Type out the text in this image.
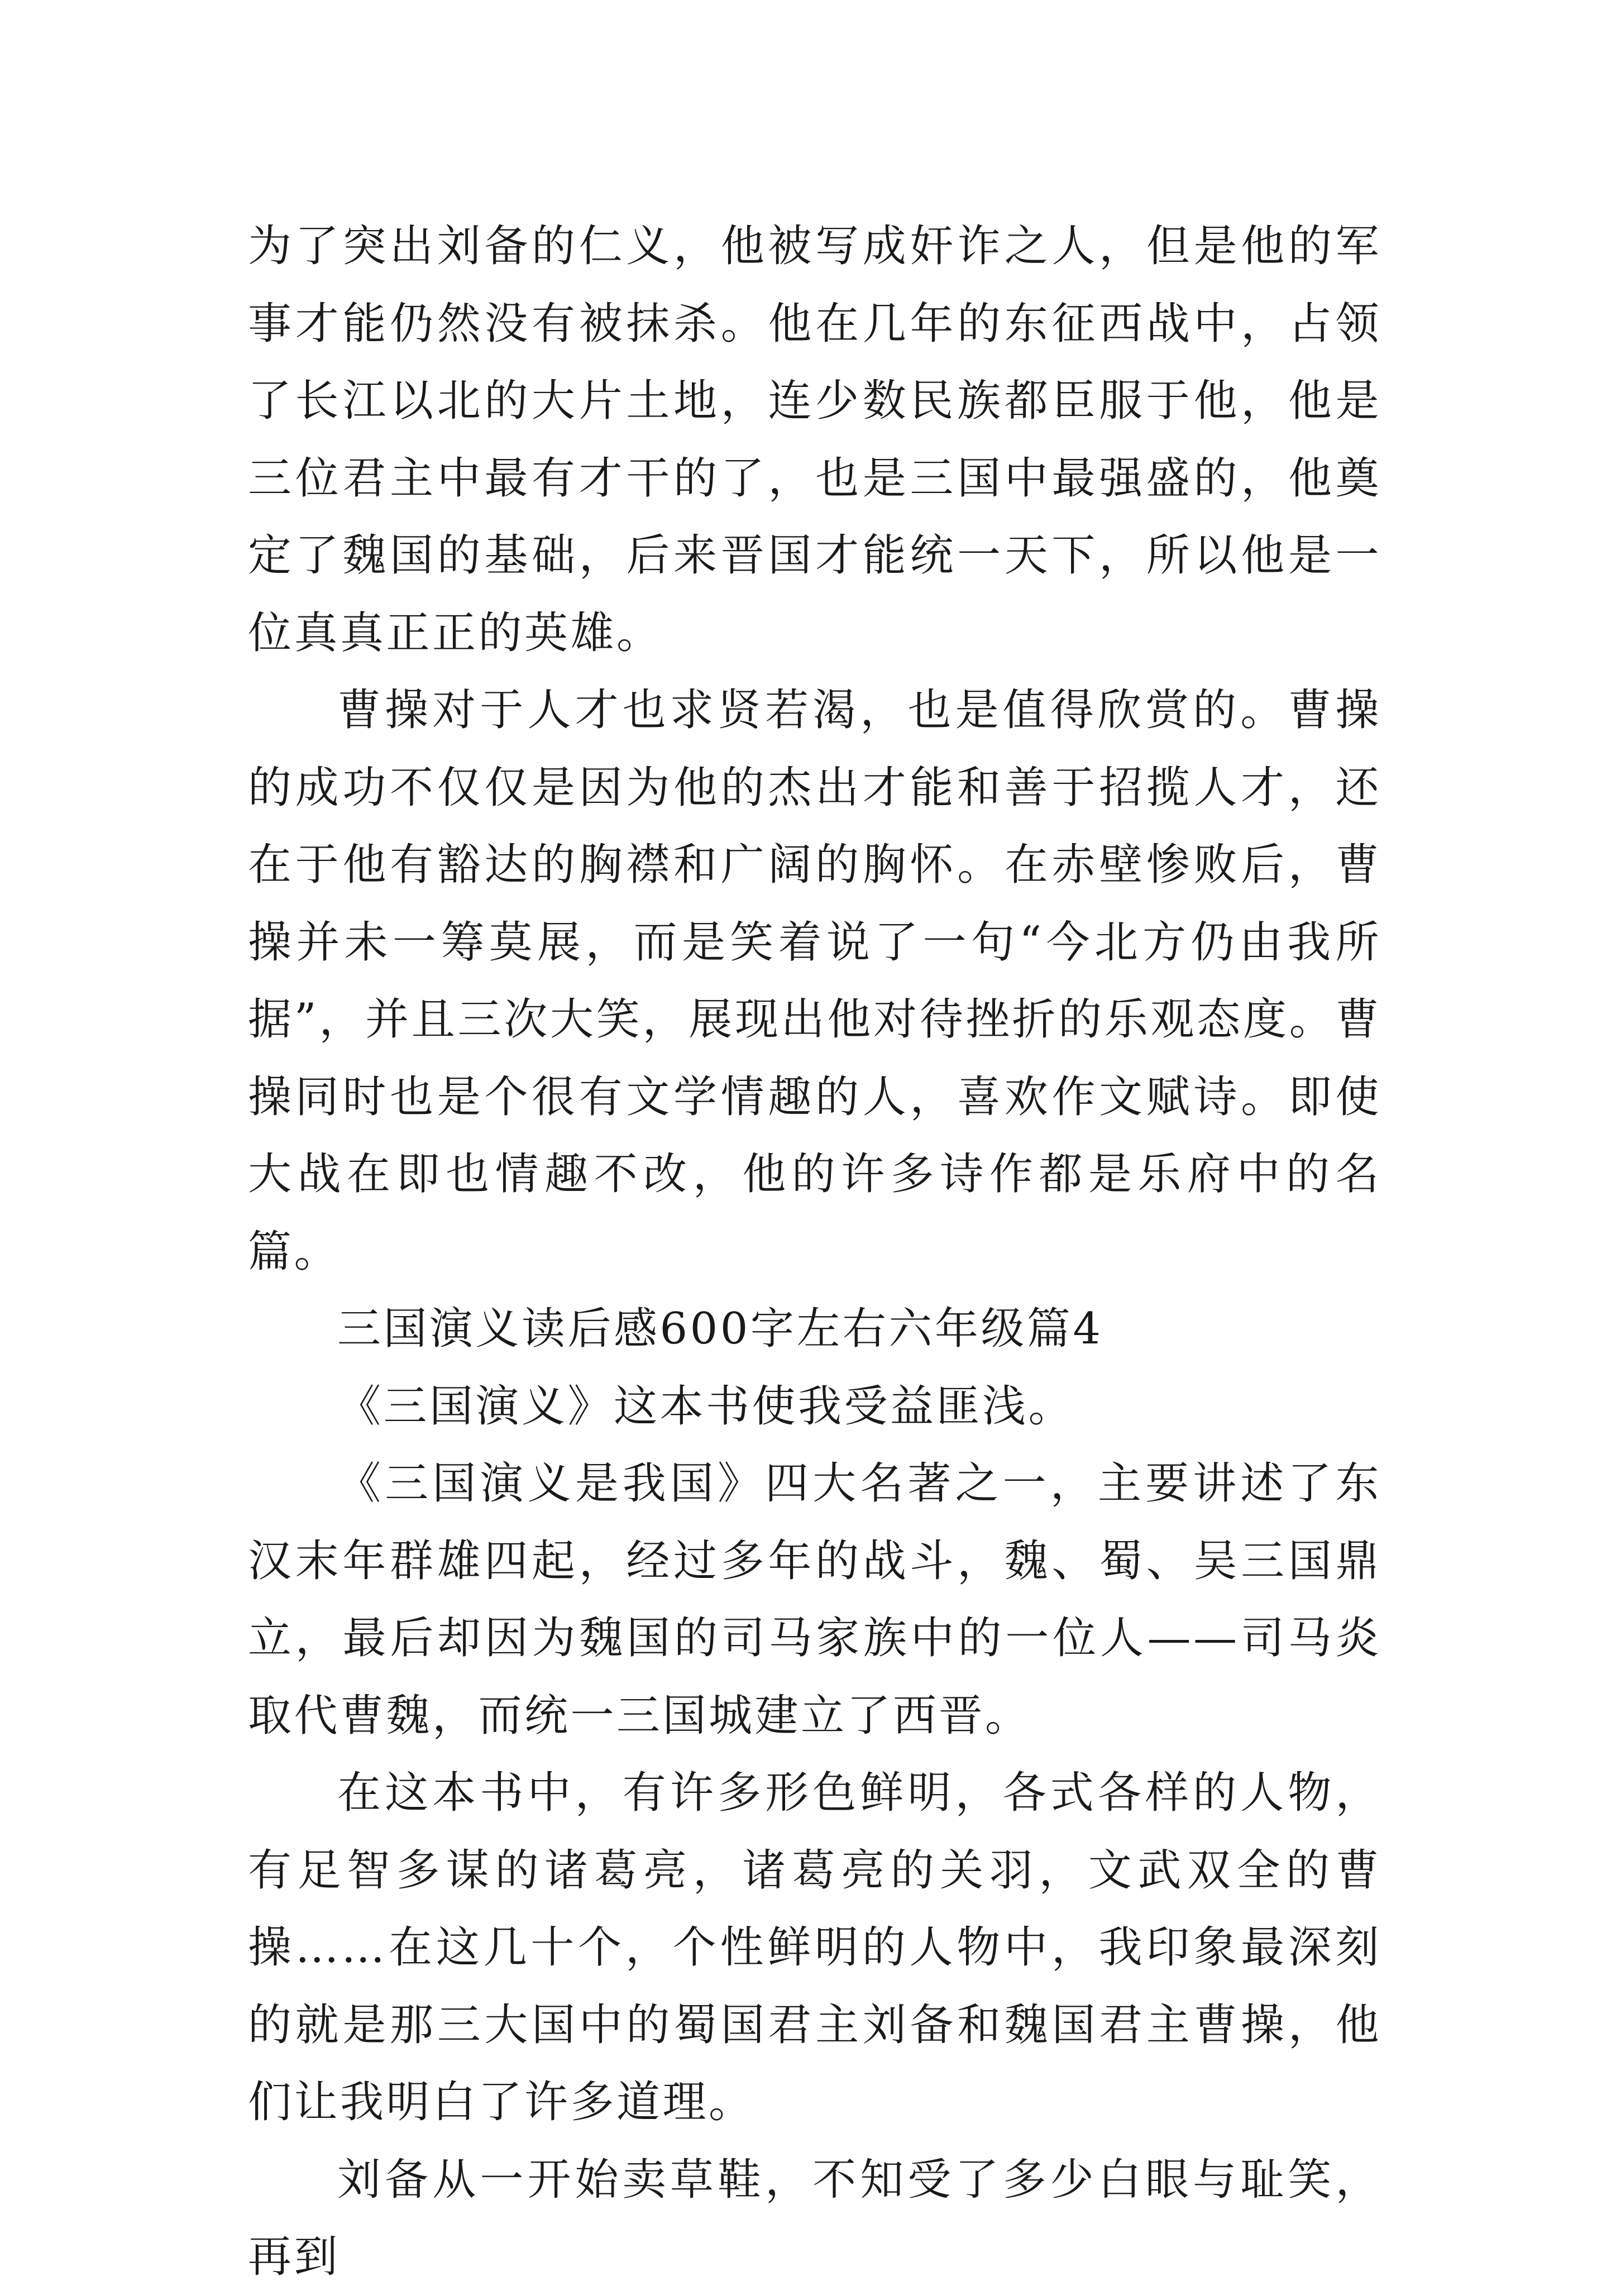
为了突出刘备的仁义，他被写成奸诈之人，但是他的军事才能仍然没有被抹杀。他在几年的东征西战中，占领了长江以北的大片土地，连少数民族都臣服于他，他是三位君主中最有才干的了，也是三国中最强盛的，他奠定了魏国的基础，后来晋国才能统一天下，所以他是一位真真正正的英雄。

曹操对于人才也求贤若渴，也是值得欣赏的。曹操的成功不仅仅是因为他的杰出才能和善于招揽人才，还在于他有豁达的胸襟和广阔的胸怀。在赤壁惨败后，曹操并未一筹莫展，而是笑着说了一句“今北方仍由我所据”，并且三次大笑，展现出他对待挫折的乐观态度。曹操同时也是个很有文学情趣的人，喜欢作文赋诗。即使大战在即也情趣不改，他的许多诗作都是乐府中的名篇。

三国演义读后感600字左右六年级篇4

《三国演义》这本书使我受益匪浅。

《三国演义是我国》四大名著之一，主要讲述了东汉末年群雄四起，经过多年的战斗，魏、蜀、吴三国鼎立，最后却因为魏国的司马家族中的一位人——司马炎取代曹魏，而统一三国城建立了西晋。

在这本书中，有许多形色鲜明，各式各样的人物，有足智多谋的诸葛亮，诸葛亮的关羽，文武双全的曹操……在这几十个，个性鲜明的人物中，我印象最深刻的就是那三大国中的蜀国君主刘备和魏国君主曹操，他们让我明白了许多道理。

刘备从一开始卖草鞋，不知受了多少白眼与耻笑，再到
